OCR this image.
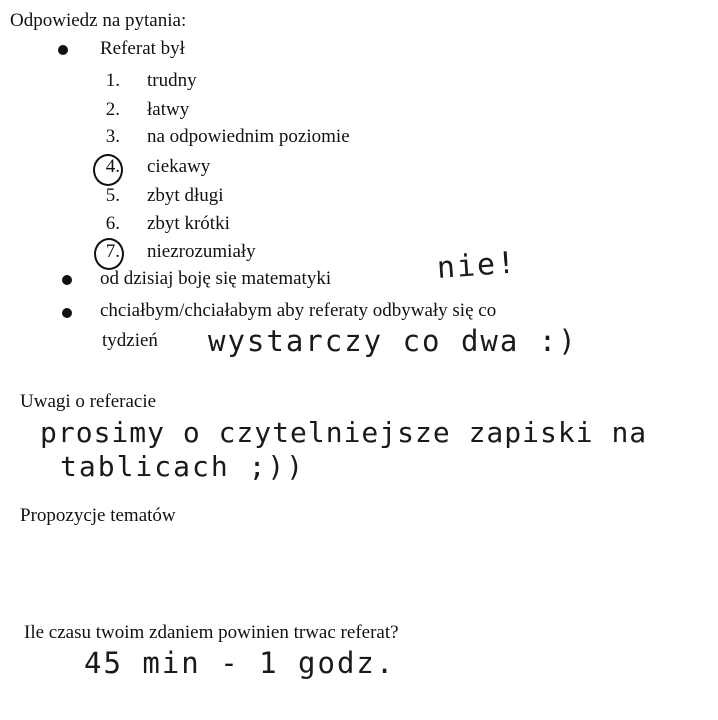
Odpowiedz na pytania:
Referat był
1. trudny
2. łatwy
3. na odpowiednim poziomie
4. ciekawy
5. zbyt długi
6. zbyt krótki
7. niezrozumiały
od dzisiaj boję się matematyki	nie!
chciałbym/chciałabym aby referaty odbywały się co
tydzień wystarczy co dwa :)
Uwagi o referacie
prosimy o czytelniejsze zapiski na
tablicach ;))
Propozycje tematów
Ile czasu twoim zdaniem powinien trwac referat?
45 min - 1 godz.
